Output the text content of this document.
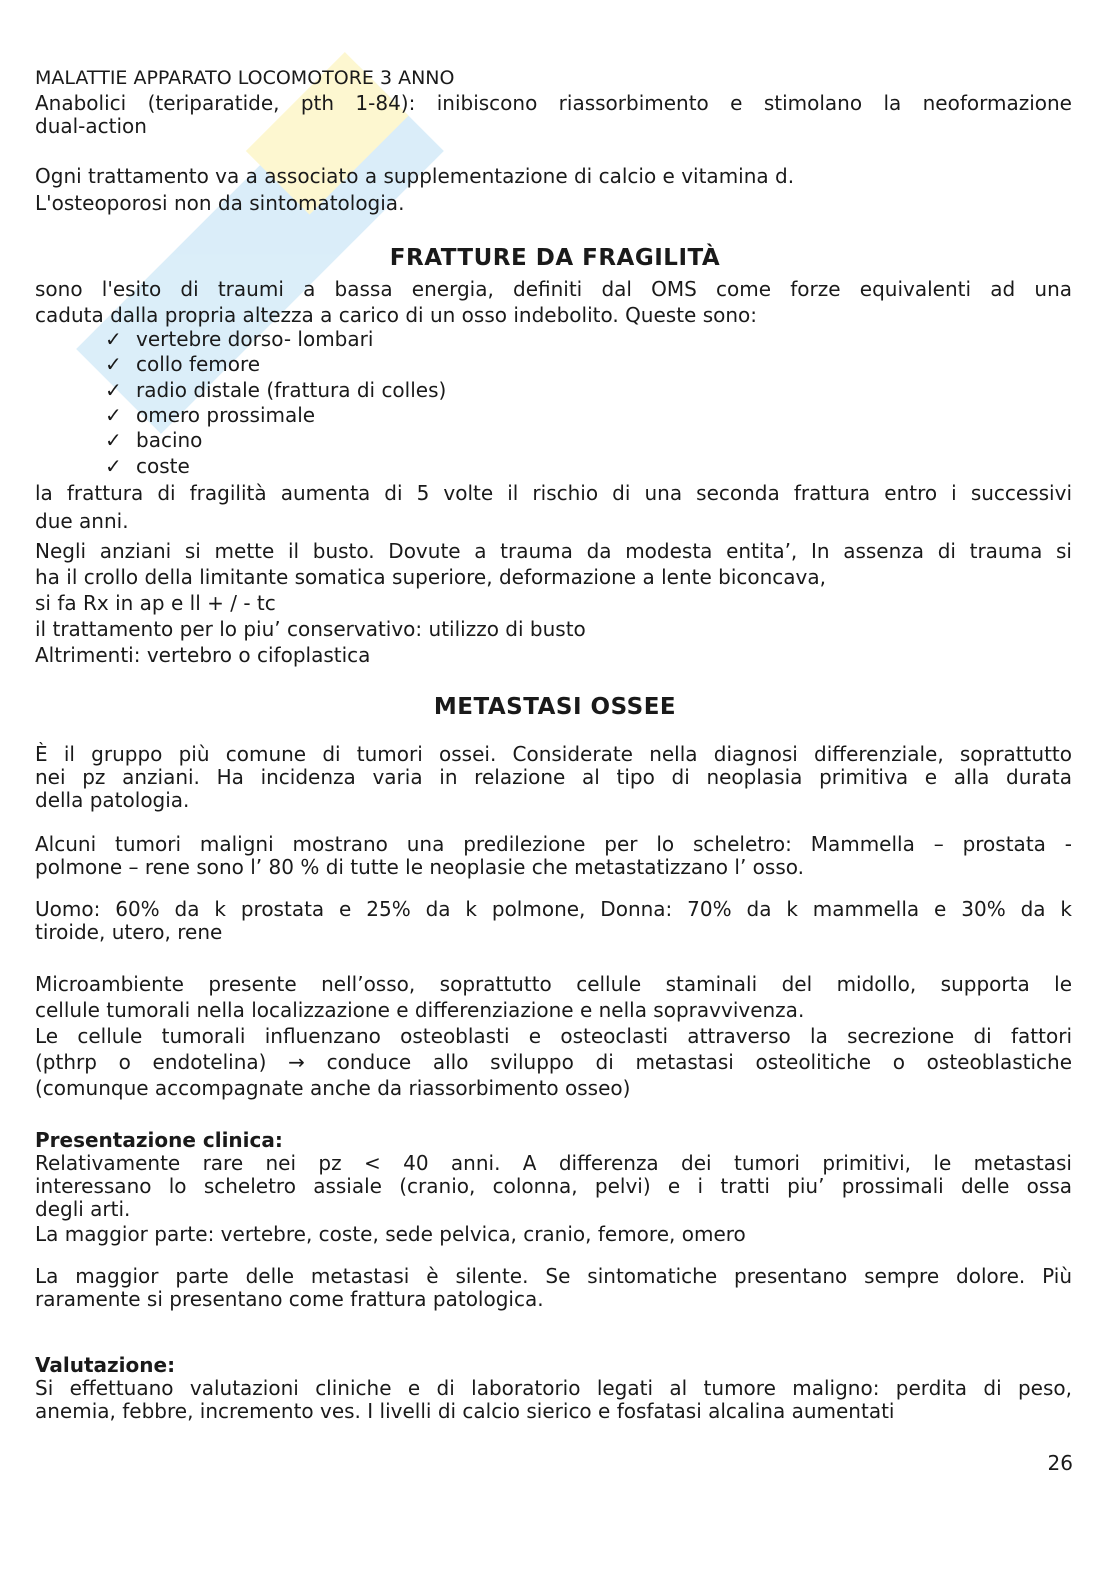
MALATTIE APPARATO LOCOMOTORE 3 ANNO
Anabolici (teriparatide, pth 1-84): inibiscono riassorbimento e stimolano la neoformazione
dual-action
Ogni trattamento va a associato a supplementazione di calcio e vitamina d.
L'osteoporosi non da sintomatologia.
FRATTURE DA FRAGILITÀ
sono l'esito di traumi a bassa energia, definiti dal OMS come forze equivalenti ad una
caduta dalla propria altezza a carico di un osso indebolito. Queste sono:
la frattura di fragilità aumenta di 5 volte il rischio di una seconda frattura entro i successivi
due anni.
Negli anziani si mette il busto. Dovute a trauma da modesta entita’, In assenza di trauma si
ha il crollo della limitante somatica superiore, deformazione a lente biconcava,
si fa Rx in ap e ll + / - tc
il trattamento per lo piu’ conservativo: utilizzo di busto
Altrimenti: vertebro o cifoplastica
METASTASI OSSEE
È il gruppo più comune di tumori ossei. Considerate nella diagnosi differenziale, soprattutto
nei pz anziani. Ha incidenza varia in relazione al tipo di neoplasia primitiva e alla durata
della patologia.
Alcuni tumori maligni mostrano una predilezione per lo scheletro: Mammella – prostata -
polmone – rene sono l’ 80 % di tutte le neoplasie che metastatizzano l’ osso.
Uomo: 60% da k prostata e 25% da k polmone, Donna: 70% da k mammella e 30% da k
tiroide, utero, rene
Microambiente presente nell’osso, soprattutto cellule staminali del midollo, supporta le
cellule tumorali nella localizzazione e differenziazione e nella sopravvivenza.
Le cellule tumorali influenzano osteoblasti e osteoclasti attraverso la secrezione di fattori
(pthrp o endotelina) → conduce allo sviluppo di metastasi osteolitiche o osteoblastiche
(comunque accompagnate anche da riassorbimento osseo)
Presentazione clinica:
Relativamente rare nei pz < 40 anni. A differenza dei tumori primitivi, le metastasi
interessano lo scheletro assiale (cranio, colonna, pelvi) e i tratti piu’ prossimali delle ossa
degli arti.
La maggior parte: vertebre, coste, sede pelvica, cranio, femore, omero
La maggior parte delle metastasi è silente. Se sintomatiche presentano sempre dolore. Più
raramente si presentano come frattura patologica.
Valutazione:
Si effettuano valutazioni cliniche e di laboratorio legati al tumore maligno: perdita di peso,
anemia, febbre, incremento ves. I livelli di calcio sierico e fosfatasi alcalina aumentati
26
✓ vertebre dorso- lombari
✓ collo femore
✓ radio distale (frattura di colles)
✓ omero prossimale
✓ bacino
✓ coste
